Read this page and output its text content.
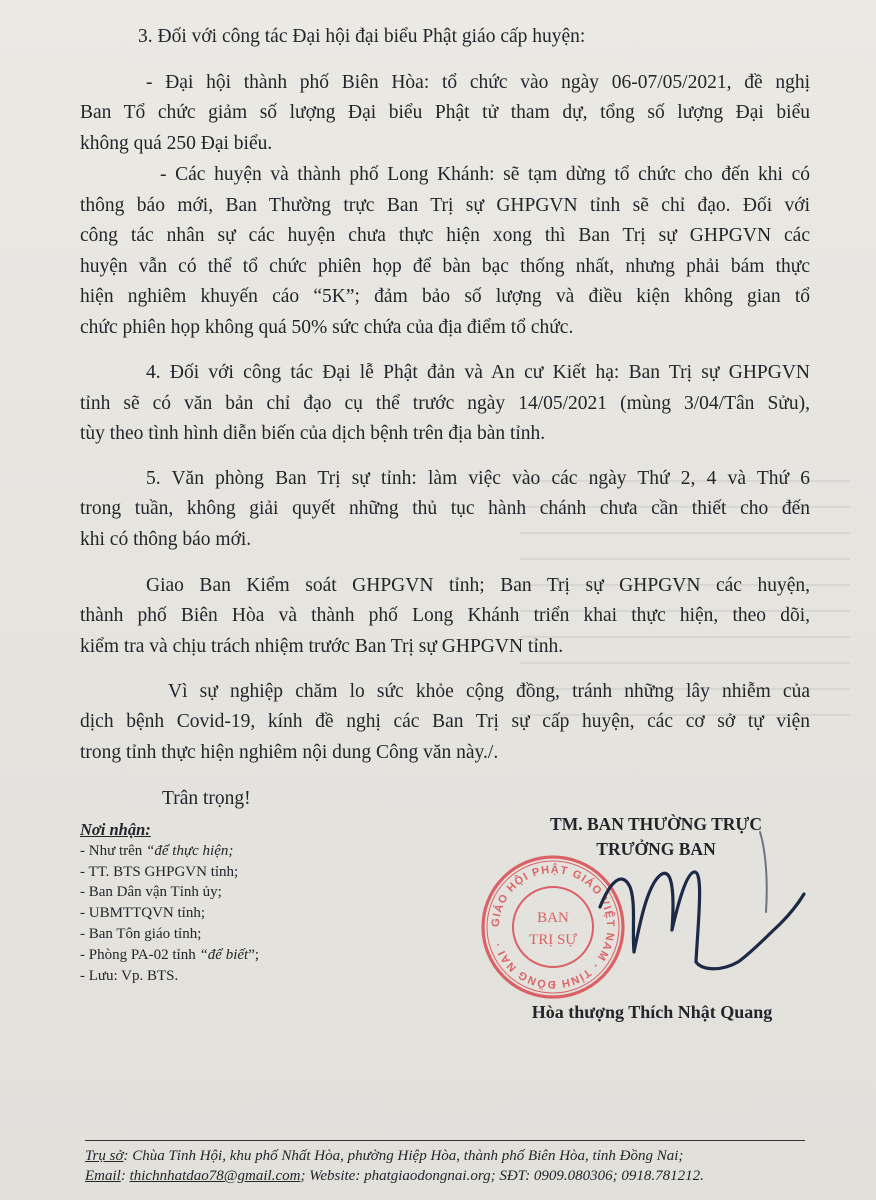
3. Đối với công tác Đại hội đại biểu Phật giáo cấp huyện:

- Đại hội thành phố Biên Hòa: tổ chức vào ngày 06-07/05/2021, đề nghị

Ban Tổ chức giảm số lượng Đại biểu Phật tử tham dự, tổng số lượng Đại biểu

không quá 250 Đại biểu.

- Các huyện và thành phố Long Khánh: sẽ tạm dừng tổ chức cho đến khi có

thông báo mới, Ban Thường trực Ban Trị sự GHPGVN tỉnh sẽ chỉ đạo. Đối với

công tác nhân sự các huyện chưa thực hiện xong thì Ban Trị sự GHPGVN các

huyện vẫn có thể tổ chức phiên họp để bàn bạc thống nhất, nhưng phải bám thực

hiện nghiêm khuyến cáo “5K”; đảm bảo số lượng và điều kiện không gian tổ

chức phiên họp không quá 50% sức chứa của địa điểm tổ chức.

4. Đối với công tác Đại lễ Phật đản và An cư Kiết hạ: Ban Trị sự GHPGVN

tỉnh sẽ có văn bản chỉ đạo cụ thể trước ngày 14/05/2021 (mùng 3/04/Tân Sửu),

tùy theo tình hình diễn biến của dịch bệnh trên địa bàn tỉnh.

5. Văn phòng Ban Trị sự tỉnh: làm việc vào các ngày Thứ 2, 4 và Thứ 6

trong tuần, không giải quyết những thủ tục hành chánh chưa cần thiết cho đến

khi có thông báo mới.

Giao Ban Kiểm soát GHPGVN tỉnh; Ban Trị sự GHPGVN các huyện,

thành phố Biên Hòa và thành phố Long Khánh triển khai thực hiện, theo dõi,

kiểm tra và chịu trách nhiệm trước Ban Trị sự GHPGVN tỉnh.

Vì sự nghiệp chăm lo sức khỏe cộng đồng, tránh những lây nhiễm của

dịch bệnh Covid-19, kính đề nghị các Ban Trị sự cấp huyện, các cơ sở tự viện

trong tỉnh thực hiện nghiêm nội dung Công văn này./.

Trân trọng!

Nơi nhận:
- Như trên “để thực hiện;
- TT. BTS GHPGVN tỉnh;
- Ban Dân vận Tỉnh ủy;
- UBMTTQVN tỉnh;
- Ban Tôn giáo tỉnh;
- Phòng PA-02 tỉnh “để biết”;
- Lưu: Vp. BTS.
TM. BAN THƯỜNG TRỰC
TRƯỞNG BAN
GIÁO HỘI PHẬT GIÁO VIỆT NAM · TỈNH ĐỒNG NAI ·
BAN
TRỊ SỰ
Hòa thượng Thích Nhật Quang
Trụ sở: Chùa Tỉnh Hội, khu phố Nhất Hòa, phường Hiệp Hòa, thành phố Biên Hòa, tỉnh Đồng Nai;
Email: thichnhatdao78@gmail.com; Website: phatgiaodongnai.org; SĐT: 0909.080306; 0918.781212.
